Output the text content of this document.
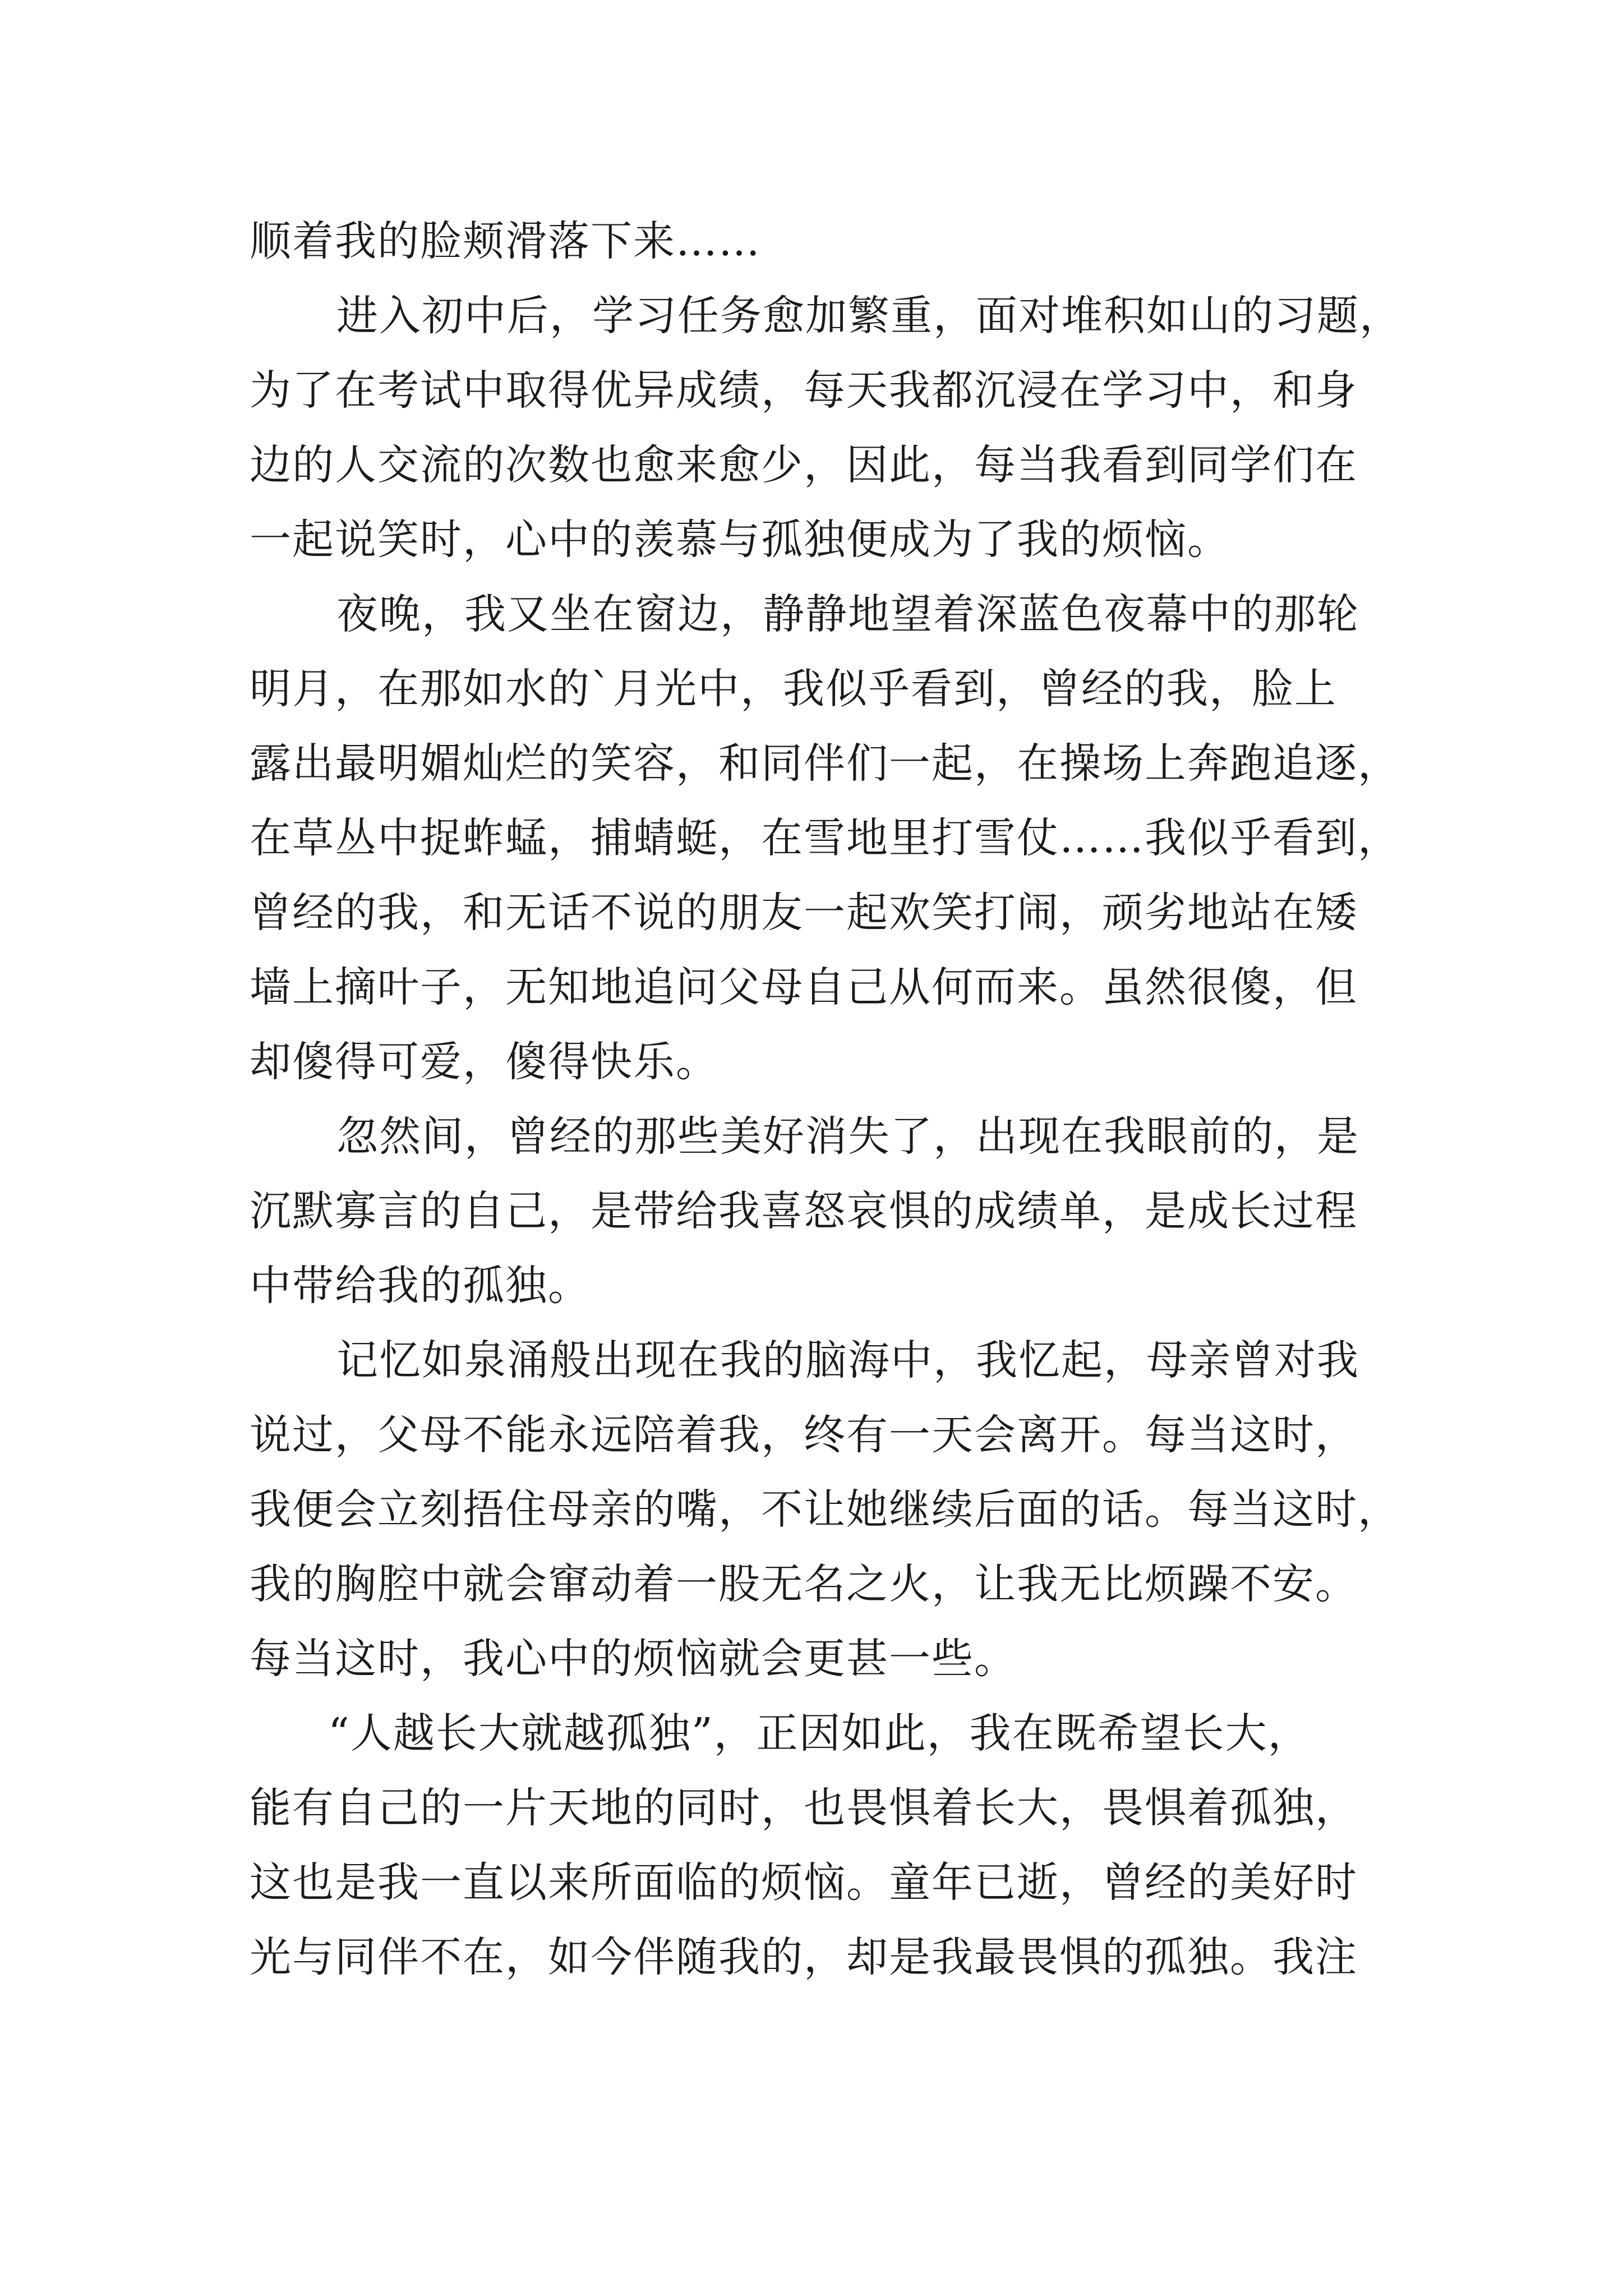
顺着我的脸颊滑落下来……
进入初中后，学习任务愈加繁重，面对堆积如山的习题，
为了在考试中取得优异成绩，每天我都沉浸在学习中，和身
边的人交流的次数也愈来愈少，因此，每当我看到同学们在
一起说笑时，心中的羡慕与孤独便成为了我的烦恼。
夜晚，我又坐在窗边，静静地望着深蓝色夜幕中的那轮
明月，在那如水的`月光中，我似乎看到，曾经的我，脸上
露出最明媚灿烂的笑容，和同伴们一起，在操场上奔跑追逐，
在草丛中捉蚱蜢，捕蜻蜓，在雪地里打雪仗……我似乎看到，
曾经的我，和无话不说的朋友一起欢笑打闹，顽劣地站在矮
墙上摘叶子，无知地追问父母自己从何而来。虽然很傻，但
却傻得可爱，傻得快乐。
忽然间，曾经的那些美好消失了，出现在我眼前的，是
沉默寡言的自己，是带给我喜怒哀惧的成绩单，是成长过程
中带给我的孤独。
记忆如泉涌般出现在我的脑海中，我忆起，母亲曾对我
说过，父母不能永远陪着我，终有一天会离开。每当这时，
我便会立刻捂住母亲的嘴，不让她继续后面的话。每当这时，
我的胸腔中就会窜动着一股无名之火，让我无比烦躁不安。
每当这时，我心中的烦恼就会更甚一些。
“人越长大就越孤独”，正因如此，我在既希望长大，
能有自己的一片天地的同时，也畏惧着长大，畏惧着孤独，
这也是我一直以来所面临的烦恼。童年已逝，曾经的美好时
光与同伴不在，如今伴随我的，却是我最畏惧的孤独。我注
